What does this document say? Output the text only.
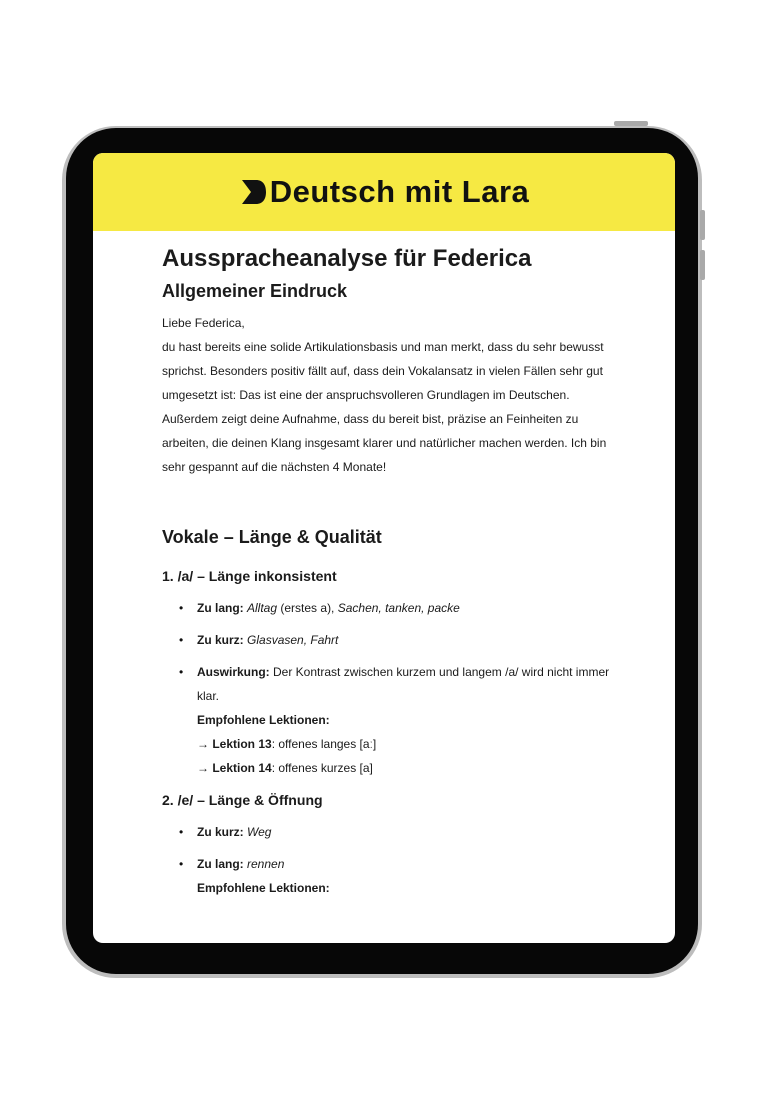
Deutsch mit Lara
Ausspracheanalyse für Federica
Allgemeiner Eindruck

Liebe Federica,

du hast bereits eine solide Artikulationsbasis und man merkt, dass du sehr bewusst sprichst. Besonders positiv fällt auf, dass dein Vokalansatz in vielen Fällen sehr gut umgesetzt ist: Das ist eine der anspruchsvolleren Grundlagen im Deutschen. Außerdem zeigt deine Aufnahme, dass du bereit bist, präzise an Feinheiten zu arbeiten, die deinen Klang insgesamt klarer und natürlicher machen werden. Ich bin sehr gespannt auf die nächsten 4 Monate!

Vokale – Länge & Qualität
1. /a/ – Länge inkonsistent
• Zu lang: Alltag (erstes a), Sachen, tanken, packe
• Zu kurz: Glasvasen, Fahrt
• Auswirkung: Der Kontrast zwischen kurzem und langem /a/ wird nicht immer klar.
Empfohlene Lektionen:
→ Lektion 13: offenes langes [aː]
→ Lektion 14: offenes kurzes [a]
2. /e/ – Länge & Öffnung
• Zu kurz: Weg
• Zu lang: rennen
Empfohlene Lektionen:
